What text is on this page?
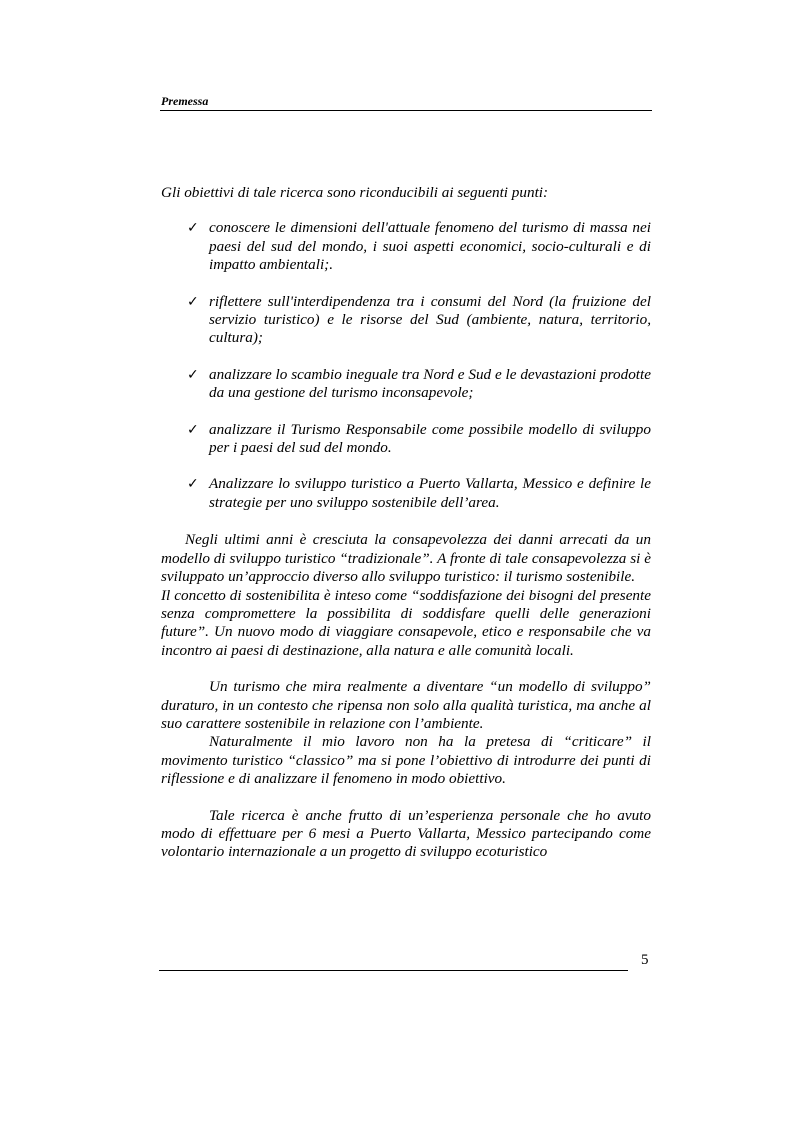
Premessa

Gli obiettivi di tale ricerca sono riconducibili ai seguenti punti:

✓ conoscere le dimensioni dell'attuale fenomeno del turismo di massa nei paesi del sud del mondo, i suoi aspetti economici, socio-culturali e di impatto ambientali;.
✓ riflettere sull'interdipendenza tra i consumi del Nord (la fruizione del servizio turistico) e le risorse del Sud (ambiente, natura, territorio, cultura);
✓ analizzare lo scambio ineguale tra Nord e Sud e le devastazioni prodotte da una gestione del turismo inconsapevole;
✓ analizzare il Turismo Responsabile come possibile modello di sviluppo per i paesi del sud del mondo.
✓ Analizzare lo sviluppo turistico a Puerto Vallarta, Messico e definire le strategie per uno sviluppo sostenibile dell’area.

Negli ultimi anni è cresciuta la consapevolezza dei danni arrecati da un modello di sviluppo turistico “tradizionale”. A fronte di tale consapevolezza si è sviluppato un’approccio diverso allo sviluppo turistico: il turismo sostenibile.

Il concetto di sostenibilita è inteso come “soddisfazione dei bisogni del presente senza compromettere la possibilita di soddisfare quelli delle generazioni future”. Un nuovo modo di viaggiare consapevole, etico e responsabile che va incontro ai paesi di destinazione, alla natura e alle comunità locali.

Un turismo che mira realmente a diventare “un modello di sviluppo” duraturo, in un contesto che ripensa non solo alla qualità turistica, ma anche al suo carattere sostenibile in relazione con l’ambiente.

Naturalmente il mio lavoro non ha la pretesa di “criticare” il movimento turistico “classico” ma si pone l’obiettivo di introdurre dei punti di riflessione e di analizzare il fenomeno in modo obiettivo.

Tale ricerca è anche frutto di un’esperienza personale che ho avuto modo di effettuare per 6 mesi a Puerto Vallarta, Messico partecipando come volontario internazionale a un progetto di sviluppo ecoturistico

5
